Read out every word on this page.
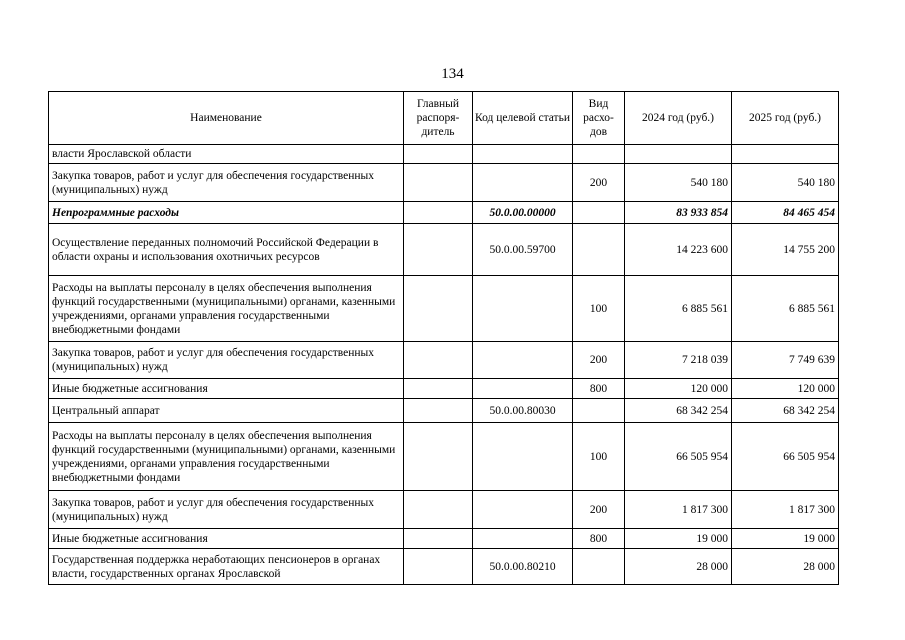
134
Наименование	Главный распоря-дитель	Код целевой статьи	Вид расхо-дов	2024 год (руб.)	2025 год (руб.)
власти Ярославской области					
Закупка товаров, работ и услуг для обеспечения государственных (муниципальных) нужд			200	540 180	540 180
Непрограммные расходы		50.0.00.00000		83 933 854	84 465 454
Осуществление переданных полномочий Российской Федерации в области охраны и использования охотничьих ресурсов		50.0.00.59700		14 223 600	14 755 200
Расходы на выплаты персоналу в целях обеспечения выполнения функций государственными (муниципальными) органами, казенными учреждениями, органами управления государственными внебюджетными фондами			100	6 885 561	6 885 561
Закупка товаров, работ и услуг для обеспечения государственных (муниципальных) нужд			200	7 218 039	7 749 639
Иные бюджетные ассигнования			800	120 000	120 000
Центральный аппарат		50.0.00.80030		68 342 254	68 342 254
Расходы на выплаты персоналу в целях обеспечения выполнения функций государственными (муниципальными) органами, казенными учреждениями, органами управления государственными внебюджетными фондами			100	66 505 954	66 505 954
Закупка товаров, работ и услуг для обеспечения государственных (муниципальных) нужд			200	1 817 300	1 817 300
Иные бюджетные ассигнования			800	19 000	19 000
Государственная поддержка неработающих пенсионеров в органах власти, государственных органах Ярославской		50.0.00.80210		28 000	28 000
